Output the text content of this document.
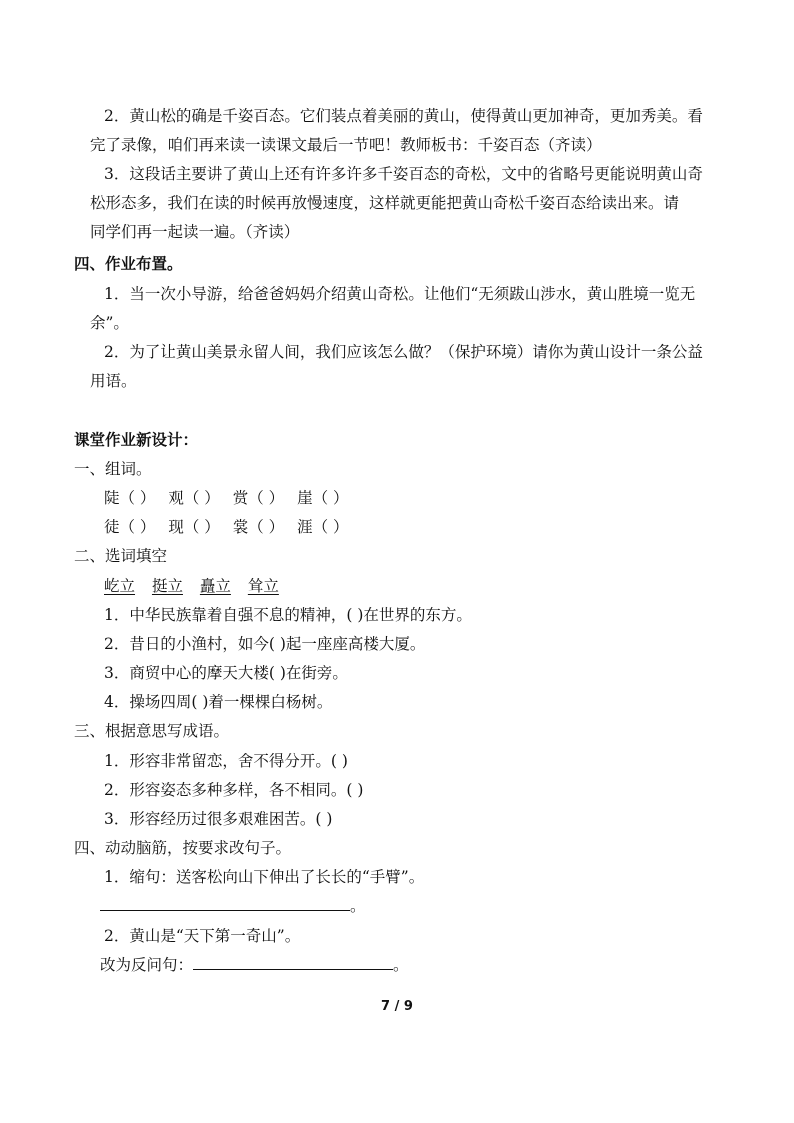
2．黄山松的确是千姿百态。它们装点着美丽的黄山，使得黄山更加神奇，更加秀美。看
完了录像，咱们再来读一读课文最后一节吧！教师板书：千姿百态（齐读）
3．这段话主要讲了黄山上还有许多许多千姿百态的奇松，文中的省略号更能说明黄山奇
松形态多，我们在读的时候再放慢速度，这样就更能把黄山奇松千姿百态给读出来。请
同学们再一起读一遍。（齐读）
四、作业布置。
1．当一次小导游，给爸爸妈妈介绍黄山奇松。让他们“无须跋山涉水，黄山胜境一览无
余”。
2．为了让黄山美景永留人间，我们应该怎么做？（保护环境）请你为黄山设计一条公益
用语。
课堂作业新设计：
一、组词。
陡（ ） 观（ ） 赏（ ） 崖（ ）
徒（ ） 现（ ） 裳（ ） 涯（ ）
二、选词填空
屹立 挺立 矗立 耸立
1．中华民族靠着自强不息的精神，( )在世界的东方。
2．昔日的小渔村，如今( )起一座座高楼大厦。
3．商贸中心的摩天大楼( )在街旁。
4．操场四周( )着一棵棵白杨树。
三、根据意思写成语。
1．形容非常留恋，舍不得分开。( )
2．形容姿态多种多样，各不相同。( )
3．形容经历过很多艰难困苦。( )
四、动动脑筋，按要求改句子。
1．缩句：送客松向山下伸出了长长的“手臂”。
。
2．黄山是“天下第一奇山”。
改为反问句：	。
7 / 9
